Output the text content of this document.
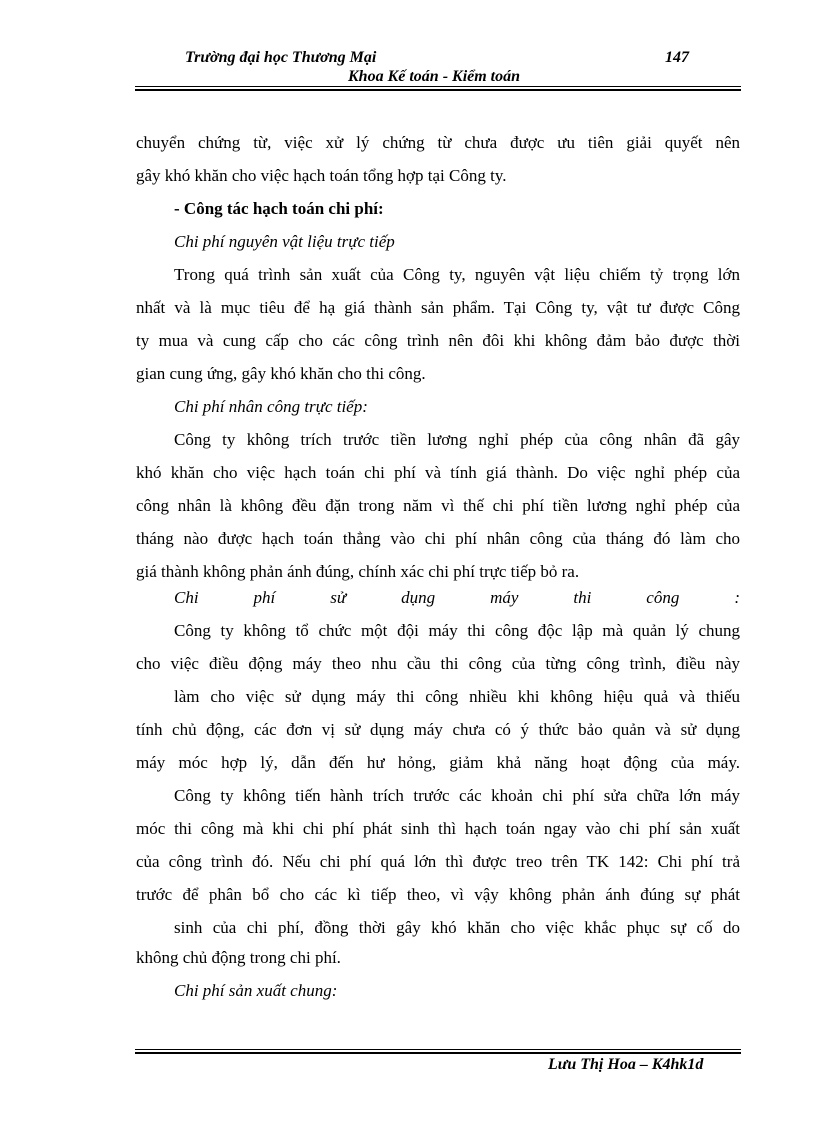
Trường đại học Thương Mại	147
Khoa Kế toán - Kiểm toán
chuyển chứng từ, việc xử lý chứng từ chưa được ưu tiên giải quyết nên
gây khó khăn cho việc hạch toán tổng hợp tại Công ty.
- Công tác hạch toán chi phí:
Chi phí nguyên vật liệu trực tiếp
Trong quá trình sản xuất của Công ty, nguyên vật liệu chiếm tỷ trọng lớn
nhất và là mục tiêu để hạ giá thành sản phẩm. Tại Công ty, vật tư được Công
ty mua và cung cấp cho các công trình nên đôi khi không đảm bảo được thời
gian cung ứng, gây khó khăn cho thi công.
Chi phí nhân công trực tiếp:
Công ty không trích trước tiền lương nghỉ phép của công nhân đã gây
khó khăn cho việc hạch toán chi phí và tính giá thành. Do việc nghỉ phép của
công nhân là không đều đặn trong năm vì thế chi phí tiền lương nghỉ phép của
tháng nào được hạch toán thẳng vào chi phí nhân công của tháng đó làm cho
giá thành không phản ánh đúng, chính xác chi phí trực tiếp bỏ ra.
Chi phí sử dụng máy thi công :
Công ty không tổ chức một đội máy thi công độc lập mà quản lý chung
cho việc điều động máy theo nhu cầu thi công của từng công trình, điều này
làm cho việc sử dụng máy thi công nhiều khi không hiệu quả và thiếu
tính chủ động, các đơn vị sử dụng máy chưa có ý thức bảo quản và sử dụng
máy móc hợp lý, dẫn đến hư hỏng, giảm khả năng hoạt động của máy.
Công ty không tiến hành trích trước các khoản chi phí sửa chữa lớn máy
móc thi công mà khi chi phí phát sinh thì hạch toán ngay vào chi phí sản xuất
của công trình đó. Nếu chi phí quá lớn thì được treo trên TK 142: Chi phí trả
trước để phân bổ cho các kì tiếp theo, vì vậy không phản ánh đúng sự phát
sinh của chi phí, đồng thời gây khó khăn cho việc khắc phục sự cố do
không chủ động trong chi phí.
Chi phí sản xuất chung:
Lưu Thị Hoa – K4hk1d
